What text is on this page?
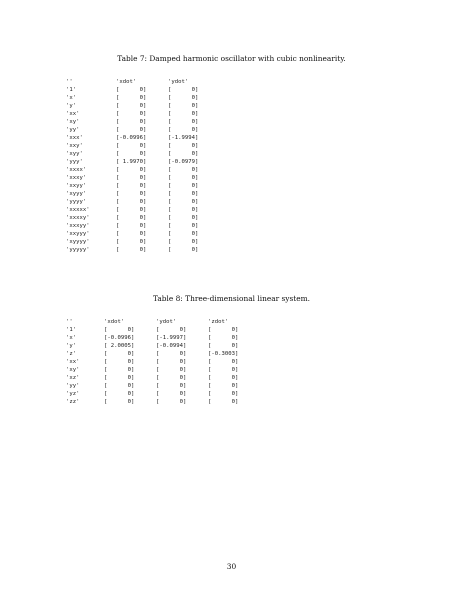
Table 7: Damped harmonic oscillator with cubic nonlinearity.

''	'xdot'	'ydot'
'1'	[      0]	[      0]
'x'	[      0]	[      0]
'y'	[      0]	[      0]
'xx'	[      0]	[      0]
'xy'	[      0]	[      0]
'yy'	[      0]	[      0]
'xxx'	[-0.0996]	[-1.9994]
'xxy'	[      0]	[      0]
'xyy'	[      0]	[      0]
'yyy'	[ 1.9970]	[-0.0979]
'xxxx'	[      0]	[      0]
'xxxy'	[      0]	[      0]
'xxyy'	[      0]	[      0]
'xyyy'	[      0]	[      0]
'yyyy'	[      0]	[      0]
'xxxxx'	[      0]	[      0]
'xxxxy'	[      0]	[      0]
'xxxyy'	[      0]	[      0]
'xxyyy'	[      0]	[      0]
'xyyyy'	[      0]	[      0]
'yyyyy'	[      0]	[      0]

Table 8: Three-dimensional linear system.

''	'xdot'	'ydot'	'zdot'
'1'	[      0]	[      0]	[      0]
'x'	[-0.0996]	[-1.9997]	[      0]
'y'	[ 2.0005]	[-0.0994]	[      0]
'z'	[      0]	[      0]	[-0.3003]
'xx'	[      0]	[      0]	[      0]
'xy'	[      0]	[      0]	[      0]
'xz'	[      0]	[      0]	[      0]
'yy'	[      0]	[      0]	[      0]
'yz'	[      0]	[      0]	[      0]
'zz'	[      0]	[      0]	[      0]

30
